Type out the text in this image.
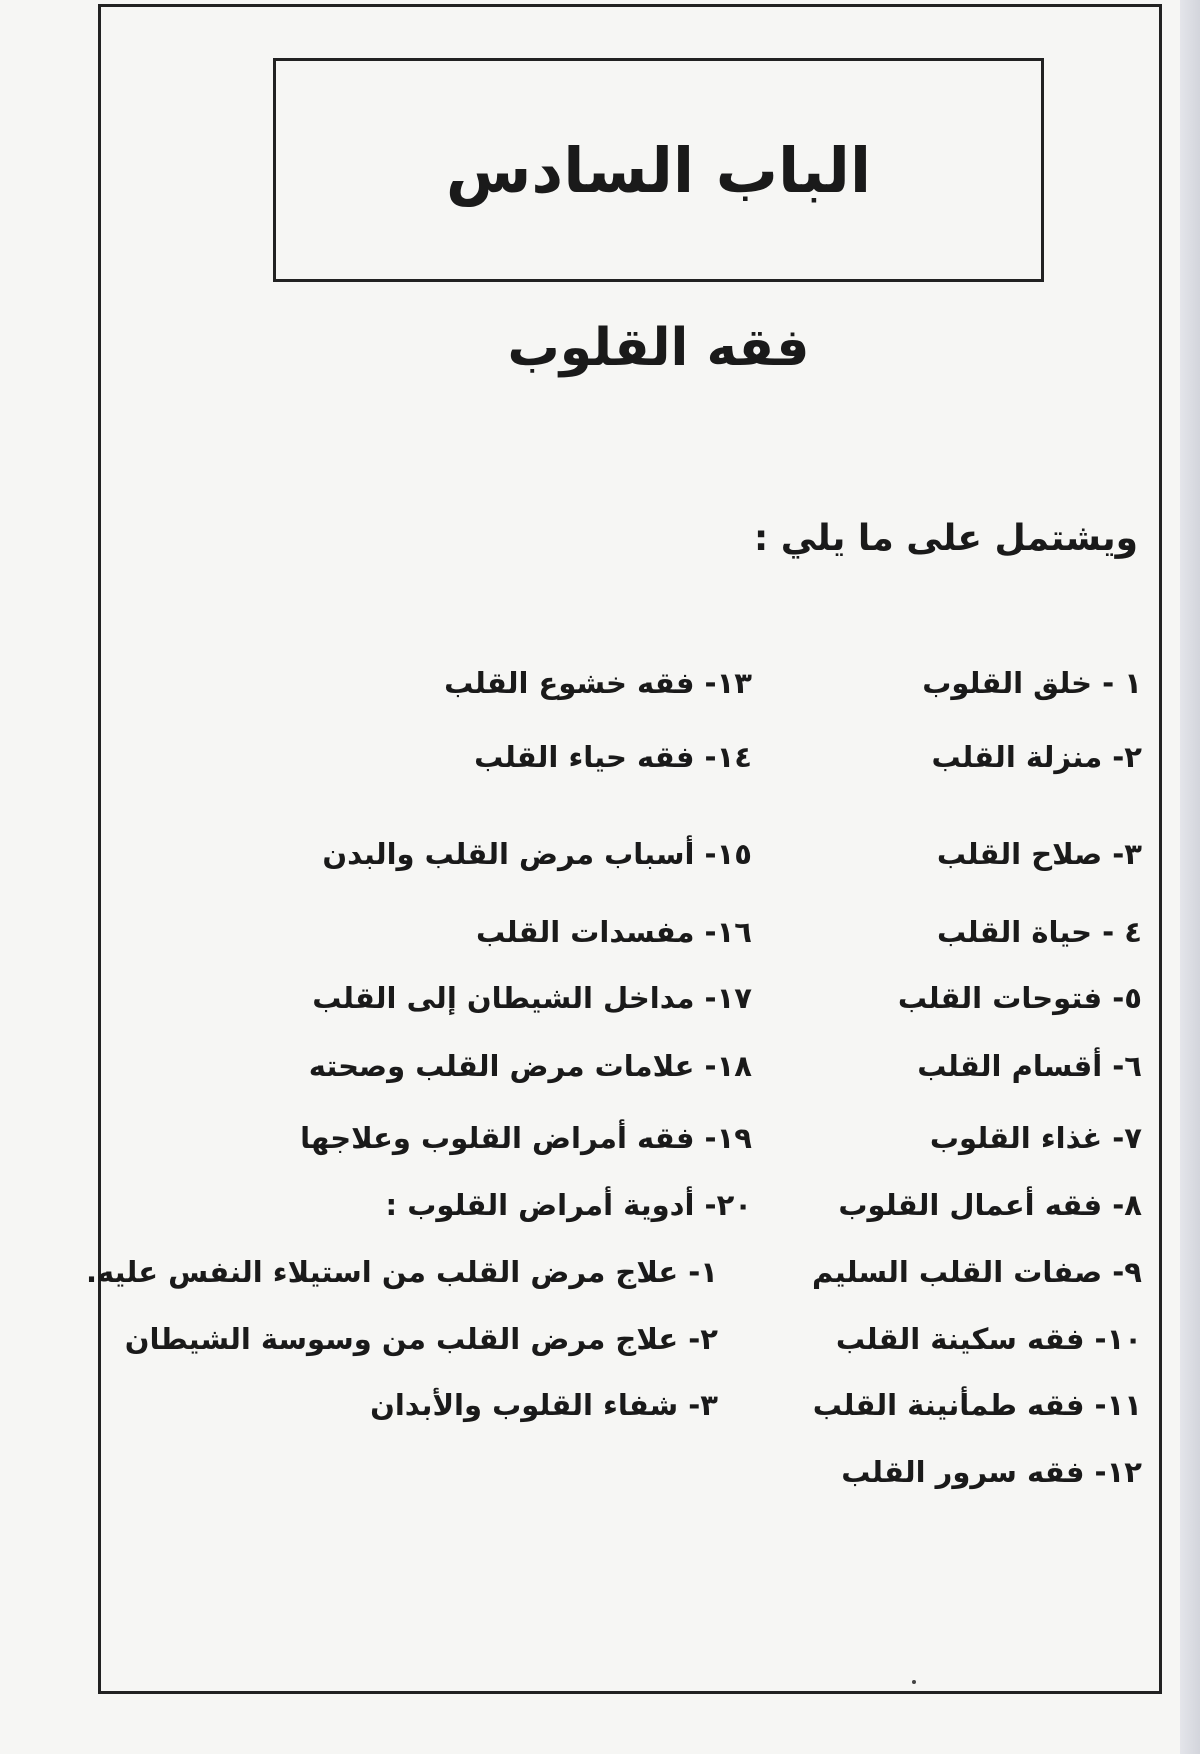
الباب السادس
فقه القلوب
ويشتمل على ما يلي :
١ - خلق القلوب
٢- منزلة القلب
٣- صلاح القلب
٤ - حياة القلب
٥- فتوحات القلب
٦- أقسام القلب
٧- غذاء القلوب
٨- فقه أعمال القلوب
٩- صفات القلب السليم
١٠- فقه سكينة القلب
١١- فقه طمأنينة القلب
١٢- فقه سرور القلب
١٣- فقه خشوع القلب
١٤- فقه حياء القلب
١٥- أسباب مرض القلب والبدن
١٦- مفسدات القلب
١٧- مداخل الشيطان إلى القلب
١٨- علامات مرض القلب وصحته
١٩- فقه أمراض القلوب وعلاجها
٢٠- أدوية أمراض القلوب :
١- علاج مرض القلب من استيلاء النفس عليه.
٢- علاج مرض القلب من وسوسة الشيطان
٣- شفاء القلوب والأبدان
